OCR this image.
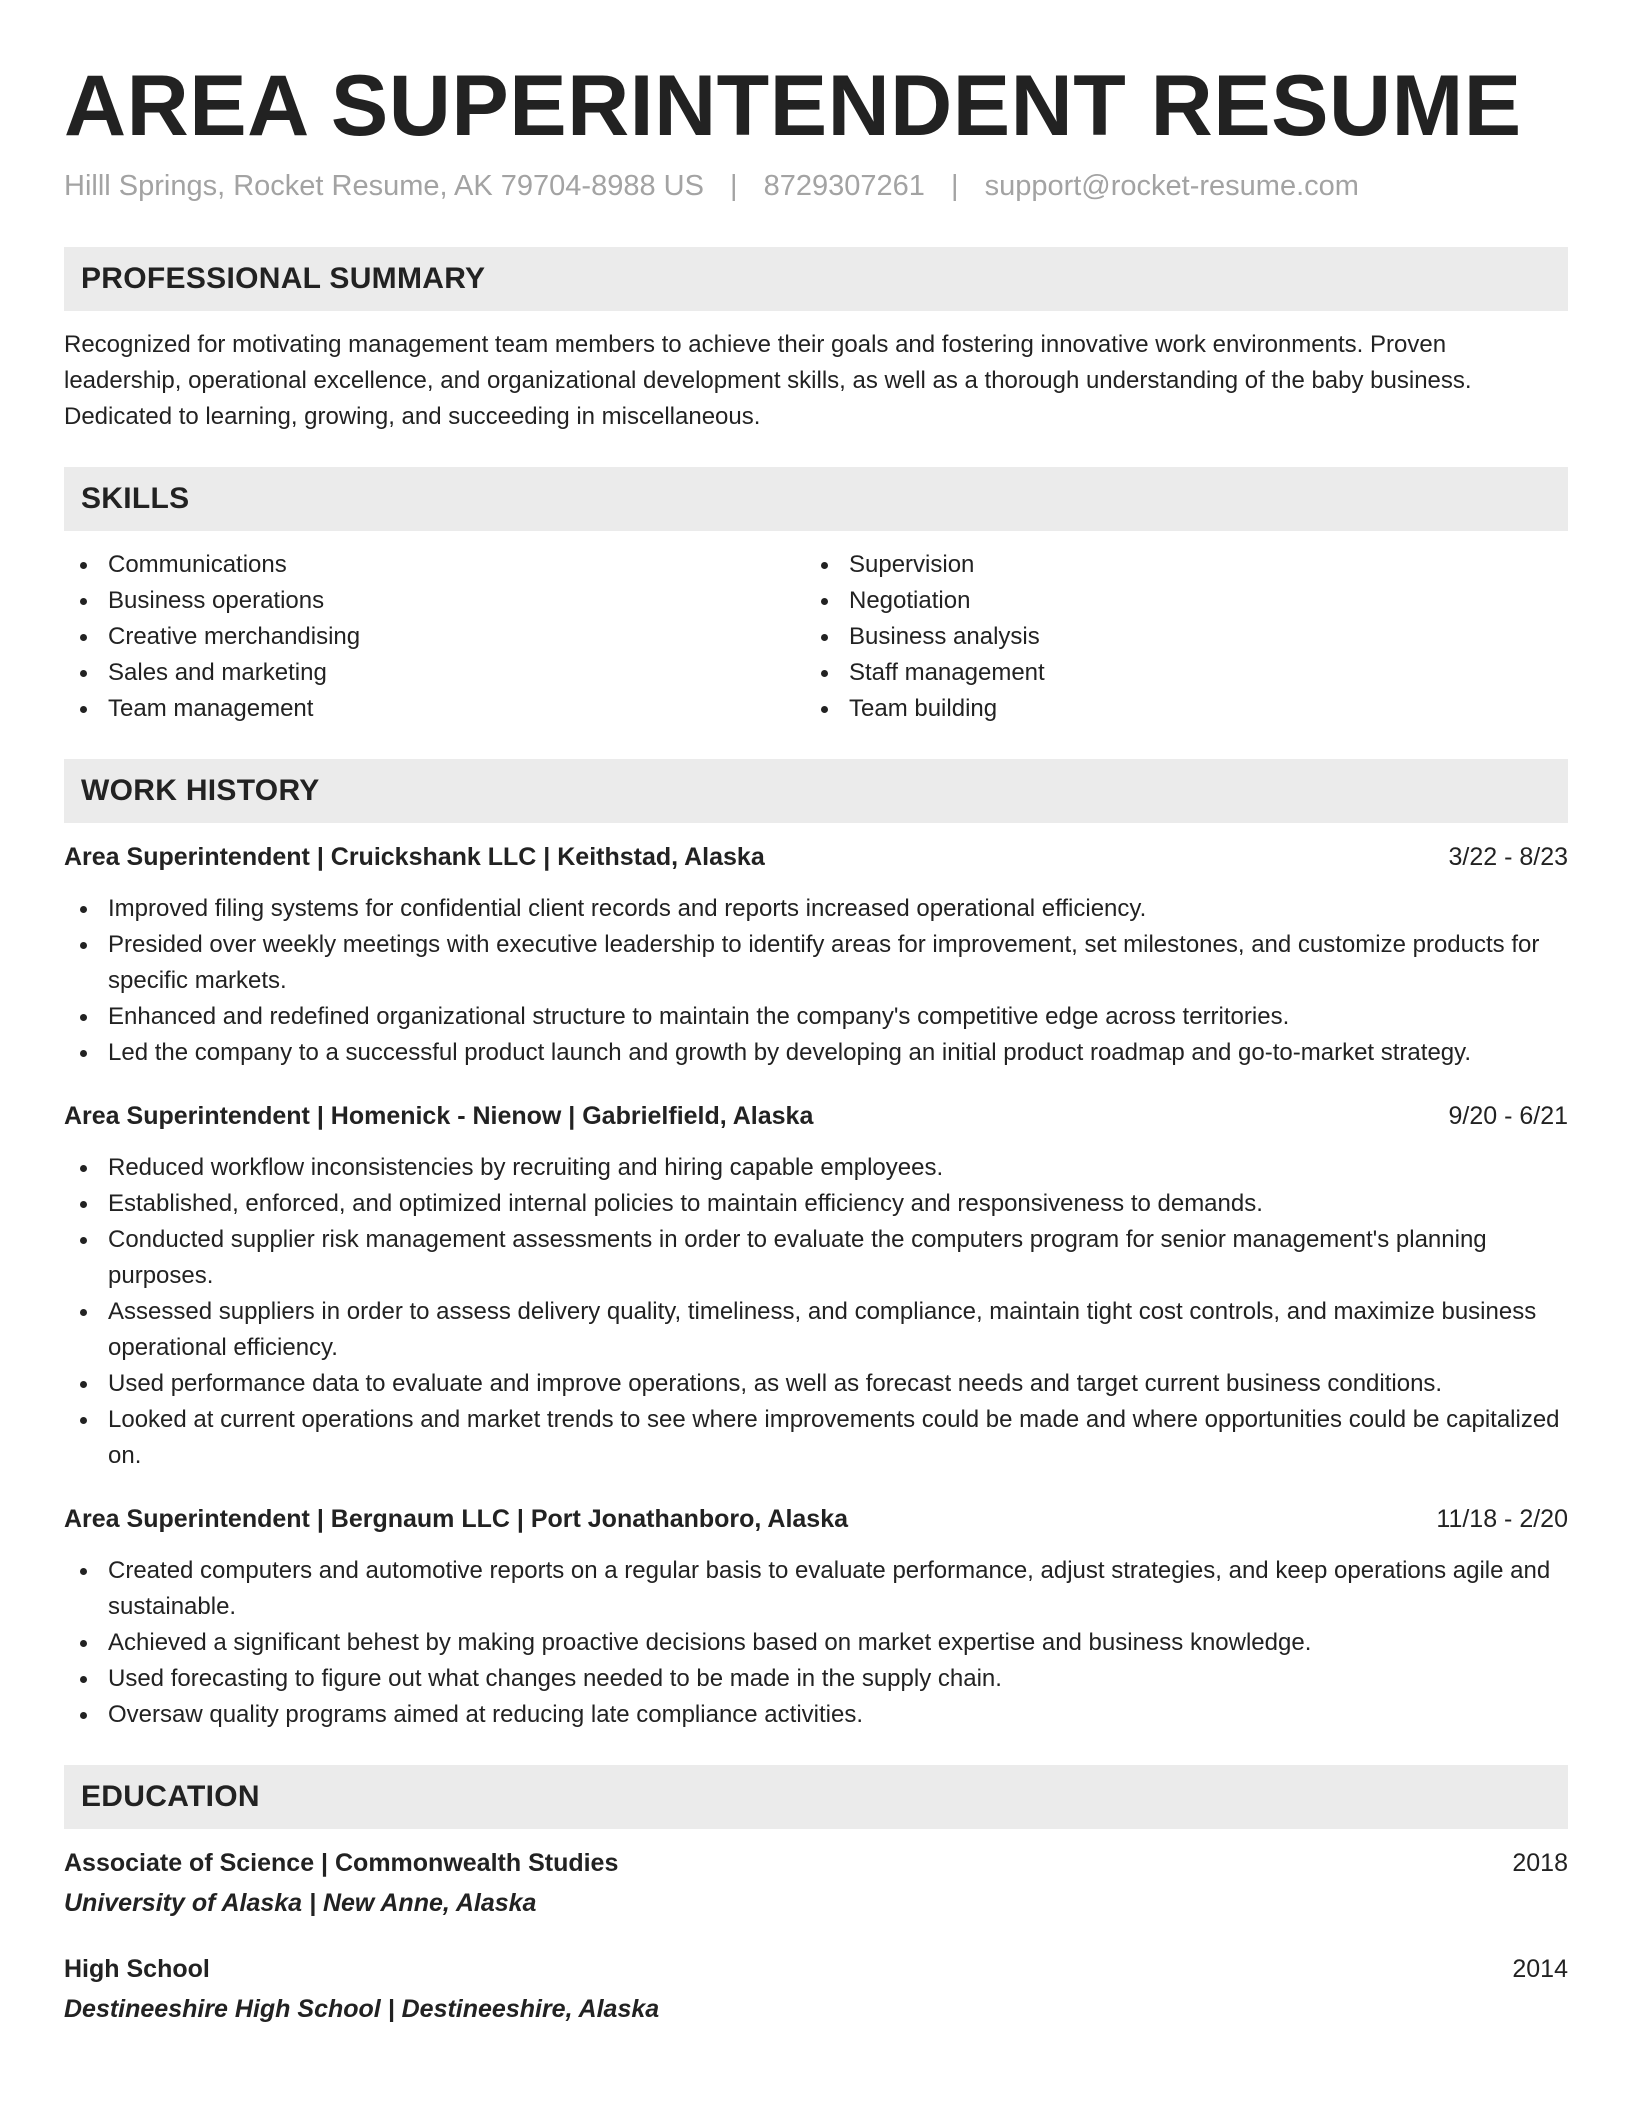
AREA SUPERINTENDENT RESUME
Hilll Springs, Rocket Resume, AK 79704-8988 US | 8729307261 | support@rocket-resume.com
PROFESSIONAL SUMMARY
Recognized for motivating management team members to achieve their goals and fostering innovative work environments. Proven leadership, operational excellence, and organizational development skills, as well as a thorough understanding of the baby business. Dedicated to learning, growing, and succeeding in miscellaneous.
SKILLS
Communications
Business operations
Creative merchandising
Sales and marketing
Team management
Supervision
Negotiation
Business analysis
Staff management
Team building
WORK HISTORY
Area Superintendent | Cruickshank LLC | Keithstad, Alaska	3/22 - 8/23
Improved filing systems for confidential client records and reports increased operational efficiency.
Presided over weekly meetings with executive leadership to identify areas for improvement, set milestones, and customize products for specific markets.
Enhanced and redefined organizational structure to maintain the company's competitive edge across territories.
Led the company to a successful product launch and growth by developing an initial product roadmap and go-to-market strategy.
Area Superintendent | Homenick - Nienow | Gabrielfield, Alaska	9/20 - 6/21
Reduced workflow inconsistencies by recruiting and hiring capable employees.
Established, enforced, and optimized internal policies to maintain efficiency and responsiveness to demands.
Conducted supplier risk management assessments in order to evaluate the computers program for senior management's planning purposes.
Assessed suppliers in order to assess delivery quality, timeliness, and compliance, maintain tight cost controls, and maximize business operational efficiency.
Used performance data to evaluate and improve operations, as well as forecast needs and target current business conditions.
Looked at current operations and market trends to see where improvements could be made and where opportunities could be capitalized on.
Area Superintendent | Bergnaum LLC | Port Jonathanboro, Alaska	11/18 - 2/20
Created computers and automotive reports on a regular basis to evaluate performance, adjust strategies, and keep operations agile and sustainable.
Achieved a significant behest by making proactive decisions based on market expertise and business knowledge.
Used forecasting to figure out what changes needed to be made in the supply chain.
Oversaw quality programs aimed at reducing late compliance activities.
EDUCATION
Associate of Science | Commonwealth Studies	2018
University of Alaska | New Anne, Alaska
High School	2014
Destineeshire High School | Destineeshire, Alaska
